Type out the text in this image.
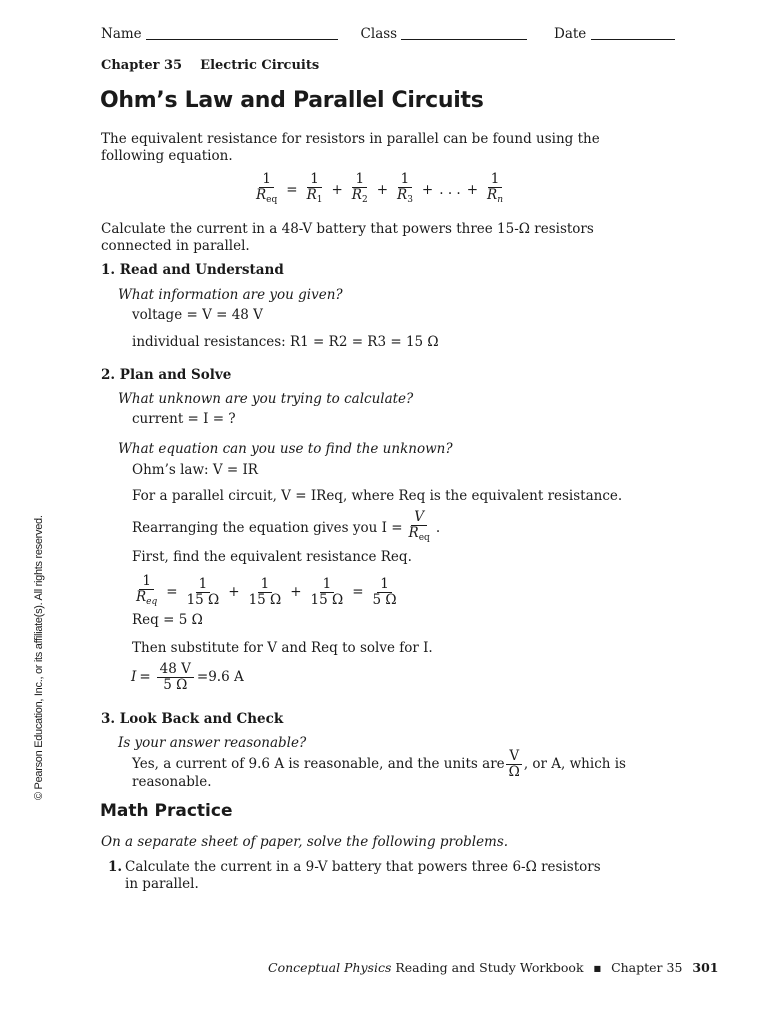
Name	Class	Date
Chapter 35    Electric Circuits
Ohm’s Law and Parallel Circuits
The equivalent resistance for resistors in parallel can be found using the
following equation.
$\frac{1}{R_{eq}} = \frac{1}{R_1} + \frac{1}{R_2} + \frac{1}{R_3}$ + . . . + $\frac{1}{R_n}$
Calculate the current in a 48-V battery that powers three 15-Ω resistors
connected in parallel.
1. Read and Understand
What information are you given?
voltage = V = 48 V
individual resistances: R1 = R2 = R3 = 15 Ω
2. Plan and Solve
What unknown are you trying to calculate?
current = I = ?
What equation can you use to find the unknown?
Ohm’s law: V = IR
For a parallel circuit, V = IReq, where Req is the equivalent resistance.
Rearranging the equation gives you $I = \frac{V}{R_{eq}}$ .
First, find the equivalent resistance Req.
$\frac{1}{R_{eq}} = \frac{1}{15 \Omega} + \frac{1}{15 \Omega} + \frac{1}{15 \Omega} = \frac{1}{5 \Omega}$
Req = 5 Ω
Then substitute for V and Req to solve for I.
$I = \frac{48 V}{5 \Omega} = 9.6$ A
3. Look Back and Check
Is your answer reasonable?
Yes, a current of 9.6 A is reasonable, and the units are $\frac{V}{\Omega}$ , or A, which is
reasonable.
Math Practice
On a separate sheet of paper, solve the following problems.
1. Calculate the current in a 9-V battery that powers three 6-Ω resistors
in parallel.
© Pearson Education, Inc., or its affiliate(s). All rights reserved.
Conceptual Physics Reading and Study Workbook ■ Chapter 35 301
